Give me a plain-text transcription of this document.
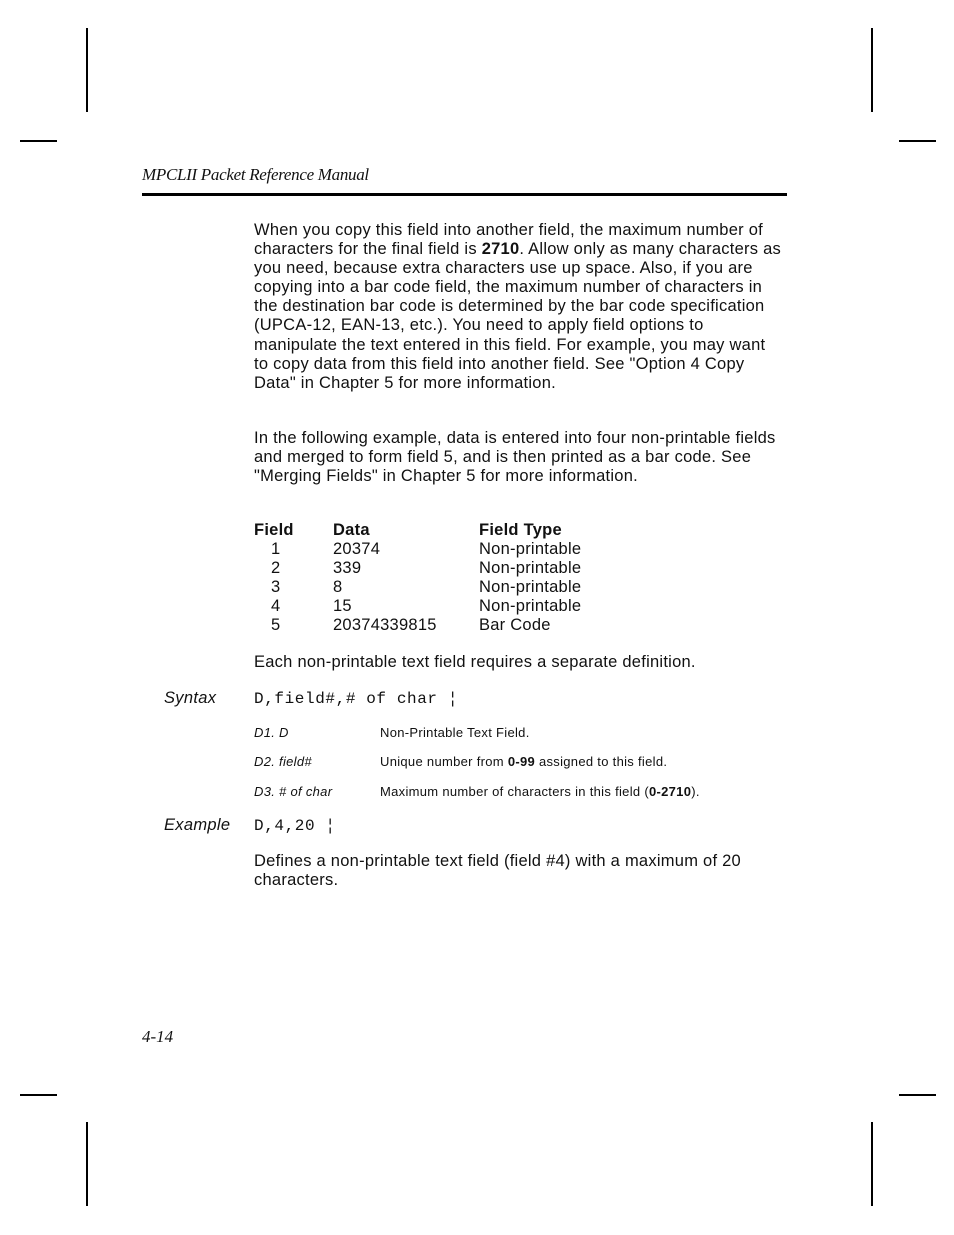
MPCLII Packet Reference Manual
When you copy this field into another field, the maximum number of characters for the final field is 2710. Allow only as many characters as you need, because extra characters use up space. Also, if you are copying into a bar code field, the maximum number of characters in the destination bar code is determined by the bar code specification (UPCA-12, EAN-13, etc.). You need to apply field options to manipulate the text entered in this field. For example, you may want to copy data from this field into another field. See "Option 4 Copy Data" in Chapter 5 for more information.
In the following example, data is entered into four non-printable fields and merged to form field 5, and is then printed as a bar code. See "Merging Fields" in Chapter 5 for more information.
Field	Data	Field Type
1	20374	Non-printable
2	339	Non-printable
3	8	Non-printable
4	15	Non-printable
5	20374339815	Bar Code
Each non-printable text field requires a separate definition.
Syntax D,field#,# of char ¦
D1. D	Non-Printable Text Field.
D2. field#	Unique number from 0-99 assigned to this field.
D3. # of char	Maximum number of characters in this field (0-2710).
Example D,4,20 ¦
Defines a non-printable text field (field #4) with a maximum of 20 characters.
4-14
